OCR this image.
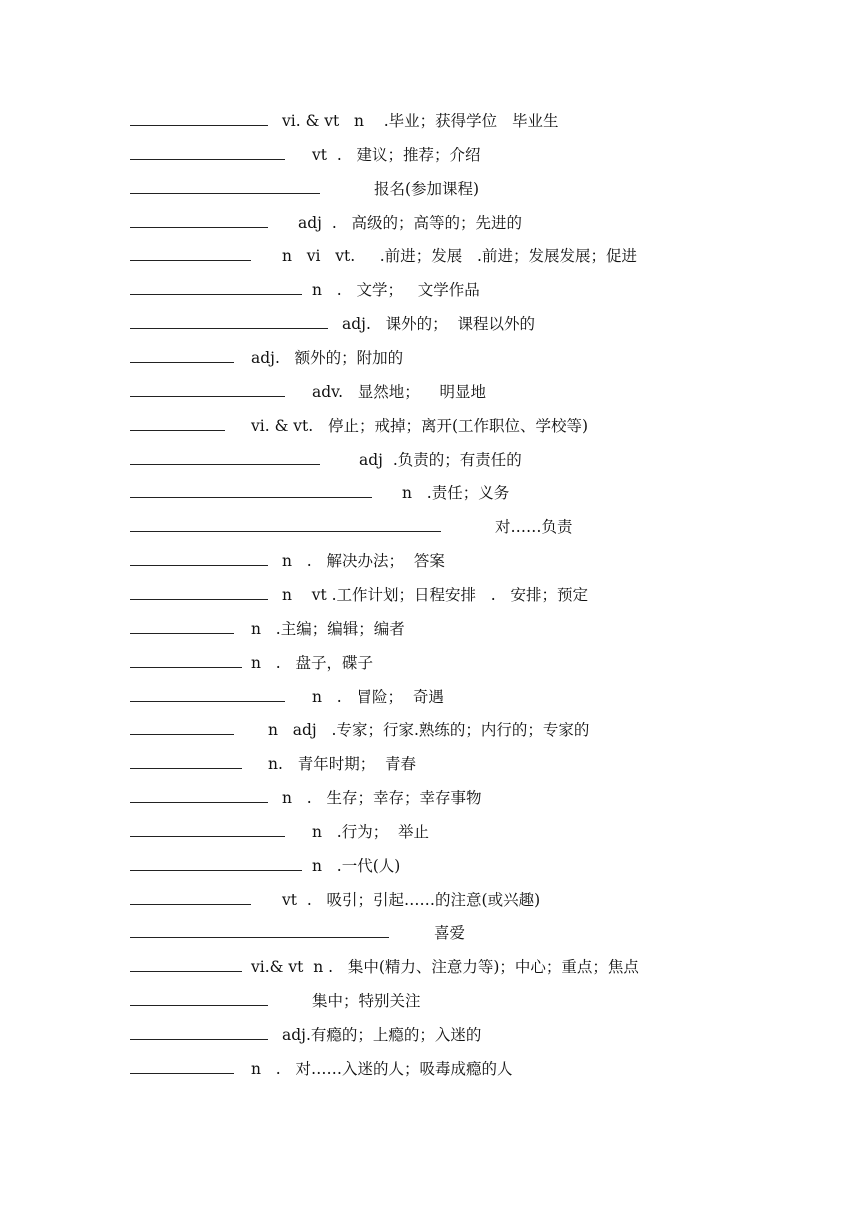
vi. & vt   n    .毕业；获得学位   毕业生

vt  .   建议；推荐；介绍

报名(参加课程)

adj  .   高级的；高等的；先进的

n   vi   vt.     .前进；发展   .前进；发展发展；促进

n   .   文学；   文学作品

adj.   课外的；  课程以外的

adj.   额外的；附加的

adv.   显然地；    明显地

vi. & vt.   停止；戒掉；离开(工作职位、学校等)

adj  .负责的；有责任的

n   .责任；义务

对……负责

n   .   解决办法；  答案

n    vt .工作计划；日程安排   .   安排；预定

n   .主编；编辑；编者

n   .   盘子，碟子

n   .   冒险；  奇遇

n   adj   .专家；行家.熟练的；内行的；专家的

n.   青年时期；  青春

n   .   生存；幸存；幸存事物

n   .行为；  举止

n   .一代(人)

vt  .   吸引；引起……的注意(或兴趣)

喜爱

vi.& vt  n .   集中(精力、注意力等)；中心；重点；焦点

集中；特别关注

adj.有瘾的；上瘾的；入迷的

n   .   对……入迷的人；吸毒成瘾的人
